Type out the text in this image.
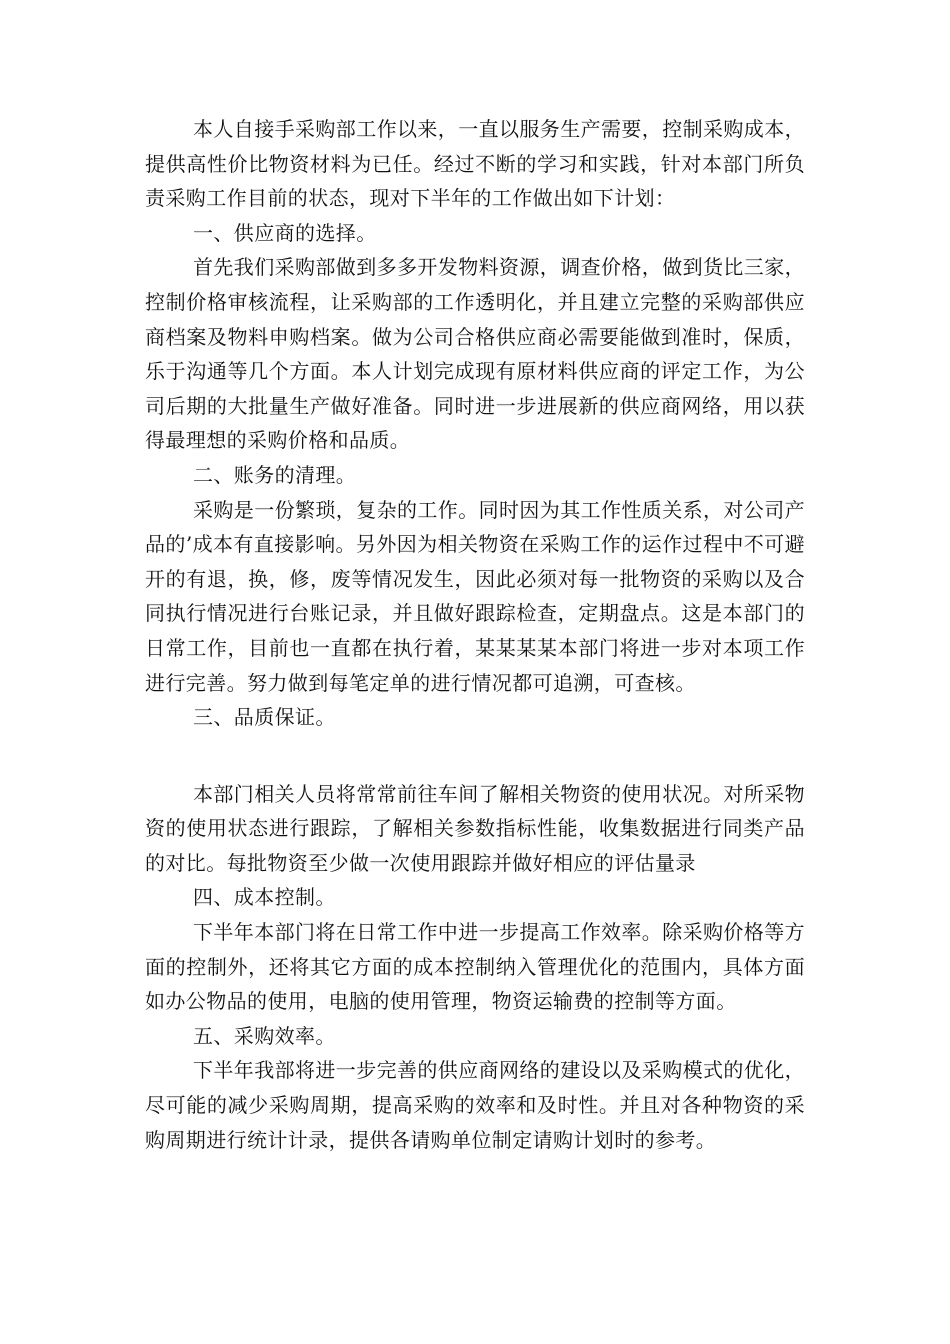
本人自接手采购部工作以来，一直以服务生产需要，控制采购成本，提供高性价比物资材料为已任。经过不断的学习和实践，针对本部门所负责采购工作目前的状态，现对下半年的工作做出如下计划：

一、供应商的选择。

首先我们采购部做到多多开发物料资源，调查价格，做到货比三家，控制价格审核流程，让采购部的工作透明化，并且建立完整的采购部供应商档案及物料申购档案。做为公司合格供应商必需要能做到准时，保质，乐于沟通等几个方面。本人计划完成现有原材料供应商的评定工作，为公司后期的大批量生产做好准备。同时进一步进展新的供应商网络，用以获得最理想的采购价格和品质。

二、账务的清理。

采购是一份繁琐，复杂的工作。同时因为其工作性质关系，对公司产品的’成本有直接影响。另外因为相关物资在采购工作的运作过程中不可避开的有退，换，修，废等情况发生，因此必须对每一批物资的采购以及合同执行情况进行台账记录，并且做好跟踪检查，定期盘点。这是本部门的日常工作，目前也一直都在执行着，某某某某本部门将进一步对本项工作进行完善。努力做到每笔定单的进行情况都可追溯，可查核。

三、品质保证。

本部门相关人员将常常前往车间了解相关物资的使用状况。对所采物资的使用状态进行跟踪，了解相关参数指标性能，收集数据进行同类产品的对比。每批物资至少做一次使用跟踪并做好相应的评估量录

四、成本控制。

下半年本部门将在日常工作中进一步提高工作效率。除采购价格等方面的控制外，还将其它方面的成本控制纳入管理优化的范围内，具体方面如办公物品的使用，电脑的使用管理，物资运输费的控制等方面。

五、采购效率。

下半年我部将进一步完善的供应商网络的建设以及采购模式的优化，尽可能的减少采购周期，提高采购的效率和及时性。并且对各种物资的采购周期进行统计计录，提供各请购单位制定请购计划时的参考。
